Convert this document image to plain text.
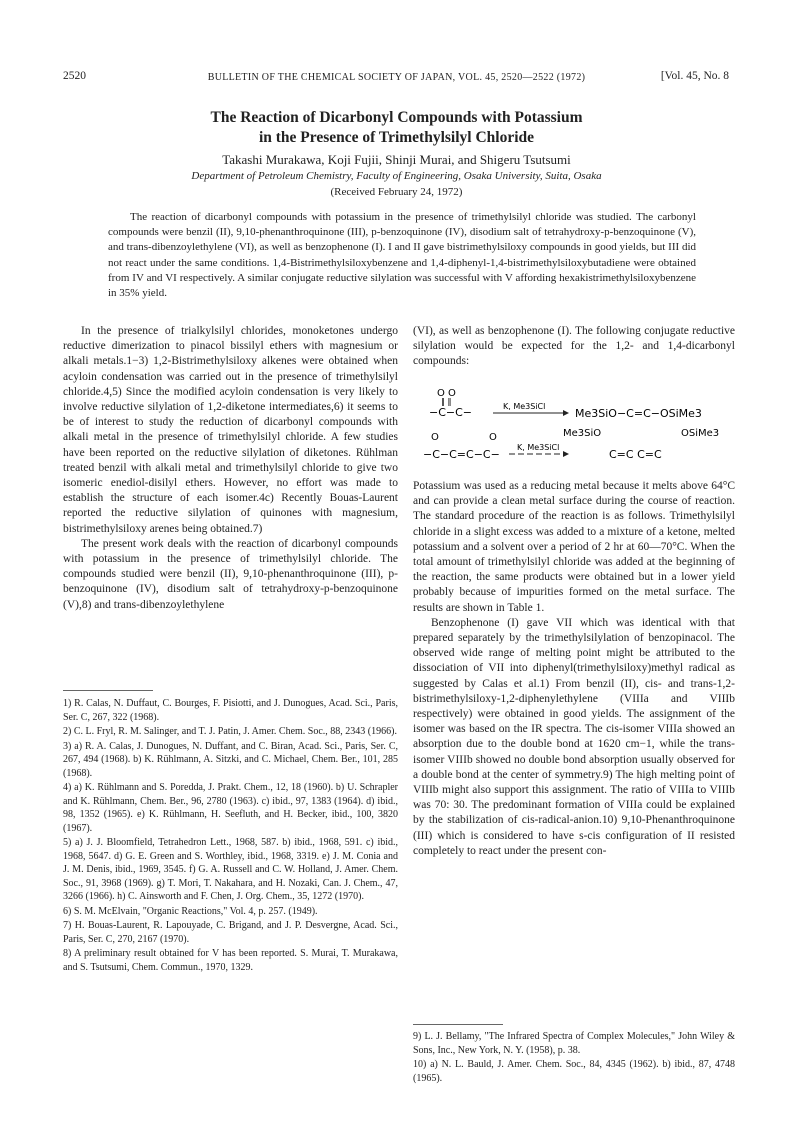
2520	BULLETIN OF THE CHEMICAL SOCIETY OF JAPAN, VOL. 45, 2520—2522 (1972)	[Vol. 45, No. 8
The Reaction of Dicarbonyl Compounds with Potassium
in the Presence of Trimethylsilyl Chloride
Takashi Murakawa, Koji Fujii, Shinji Murai, and Shigeru Tsutsumi
Department of Petroleum Chemistry, Faculty of Engineering, Osaka University, Suita, Osaka
(Received February 24, 1972)

The reaction of dicarbonyl compounds with potassium in the presence of trimethylsilyl chloride was studied. The carbonyl compounds were benzil (II), 9,10-phenanthroquinone (III), p-benzoquinone (IV), disodium salt of tetrahydroxy-p-benzoquinone (V), and trans-dibenzoylethylene (VI), as well as benzophenone (I). I and II gave bistrimethylsiloxy compounds in good yields, but III did not react under the same conditions. 1,4-Bistrimethylsiloxybenzene and 1,4-diphenyl-1,4-bistrimethylsiloxybutadiene were obtained from IV and VI respectively. A similar conjugate reductive silylation was successful with V affording hexakistrimethylsiloxybenzene in 35% yield.

In the presence of trialkylsilyl chlorides, monoketones undergo reductive dimerization to pinacol bissilyl ethers with magnesium or alkali metals.1−3) 1,2-Bistrimethylsiloxy alkenes were obtained when acyloin condensation was carried out in the presence of trimethylsilyl chloride.4,5) Since the modified acyloin condensation is very likely to involve reductive silylation of 1,2-diketone intermediates,6) it seems to be of interest to study the reduction of dicarbonyl compounds with alkali metal in the presence of trimethylsilyl chloride. A few studies have been reported on the reductive silylation of diketones. Rühlman treated benzil with alkali metal and trimethylsilyl chloride to give two isomeric enediol-disilyl ethers. However, no effort was made to establish the structure of each isomer.4c) Recently Bouas-Laurent reported the reductive silylation of quinones with magnesium, bistrimethylsiloxy arenes being obtained.7)

The present work deals with the reaction of dicarbonyl compounds with potassium in the presence of trimethylsilyl chloride. The compounds studied were benzil (II), 9,10-phenanthroquinone (III), p-benzoquinone (IV), disodium salt of tetrahydroxy-p-benzoquinone (V),8) and trans-dibenzoylethylene

(VI), as well as benzophenone (I). The following conjugate reductive silylation would be expected for the 1,2- and 1,4-dicarbonyl compounds:

O O
‖ ‖
−C−C−	K, Me3SiCl
Me3SiO−C=C−OSiMe3
O	O
−C−C=C−C−
K, Me3SiCl
Me3SiO	OSiMe3
C=C C=C

Potassium was used as a reducing metal because it melts above 64°C and can provide a clean metal surface during the course of reaction. The standard procedure of the reaction is as follows. Trimethylsilyl chloride in a slight excess was added to a mixture of a ketone, melted potassium and a solvent over a period of 2 hr at 60—70°C. When the total amount of trimethylsilyl chloride was added at the beginning of the reaction, the same products were obtained but in a lower yield probably because of impurities formed on the metal surface. The results are shown in Table 1.

Benzophenone (I) gave VII which was identical with that prepared separately by the trimethylsilylation of benzopinacol. The observed wide range of melting point might be attributed to the dissociation of VII into diphenyl(trimethylsiloxy)methyl radical as suggested by Calas et al.1) From benzil (II), cis- and trans-1,2-bistrimethylsiloxy-1,2-diphenylethylene (VIIIa and VIIIb respectively) were obtained in good yields. The assignment of the isomer was based on the IR spectra. The cis-isomer VIIIa showed an absorption due to the double bond at 1620 cm−1, while the trans-isomer VIIIb showed no double bond absorption usually observed for a double bond at the center of symmetry.9) The high melting point of VIIIb might also support this assignment. The ratio of VIIIa to VIIIb was 70: 30. The predominant formation of VIIIa could be explained by the stabilization of cis-radical-anion.10) 9,10-Phenanthroquinone (III) which is considered to have s-cis configuration of II resisted completely to react under the present con-

1) R. Calas, N. Duffaut, C. Bourges, F. Pisiotti, and J. Dunogues, Acad. Sci., Paris, Ser. C, 267, 322 (1968).
2) C. L. Fryl, R. M. Salinger, and T. J. Patin, J. Amer. Chem. Soc., 88, 2343 (1966).
3) a) R. A. Calas, J. Dunogues, N. Duffant, and C. Biran, Acad. Sci., Paris, Ser. C, 267, 494 (1968). b) K. Rühlmann, A. Sitzki, and C. Michael, Chem. Ber., 101, 285 (1968).
4) a) K. Rühlmann and S. Poredda, J. Prakt. Chem., 12, 18 (1960). b) U. Schrapler and K. Rühlmann, Chem. Ber., 96, 2780 (1963). c) ibid., 97, 1383 (1964). d) ibid., 98, 1352 (1965). e) K. Rühlmann, H. Seefluth, and H. Becker, ibid., 100, 3820 (1967).
5) a) J. J. Bloomfield, Tetrahedron Lett., 1968, 587. b) ibid., 1968, 591. c) ibid., 1968, 5647. d) G. E. Green and S. Worthley, ibid., 1968, 3319. e) J. M. Conia and J. M. Denis, ibid., 1969, 3545. f) G. A. Russell and C. W. Holland, J. Amer. Chem. Soc., 91, 3968 (1969). g) T. Mori, T. Nakahara, and H. Nozaki, Can. J. Chem., 47, 3266 (1966). h) C. Ainsworth and F. Chen, J. Org. Chem., 35, 1272 (1970).
6) S. M. McElvain, "Organic Reactions," Vol. 4, p. 257. (1949).
7) H. Bouas-Laurent, R. Lapouyade, C. Brigand, and J. P. Desvergne, Acad. Sci., Paris, Ser. C, 270, 2167 (1970).
8) A preliminary result obtained for V has been reported. S. Murai, T. Murakawa, and S. Tsutsumi, Chem. Commun., 1970, 1329.
9) L. J. Bellamy, "The Infrared Spectra of Complex Molecules," John Wiley & Sons, Inc., New York, N. Y. (1958), p. 38.
10) a) N. L. Bauld, J. Amer. Chem. Soc., 84, 4345 (1962). b) ibid., 87, 4748 (1965).
